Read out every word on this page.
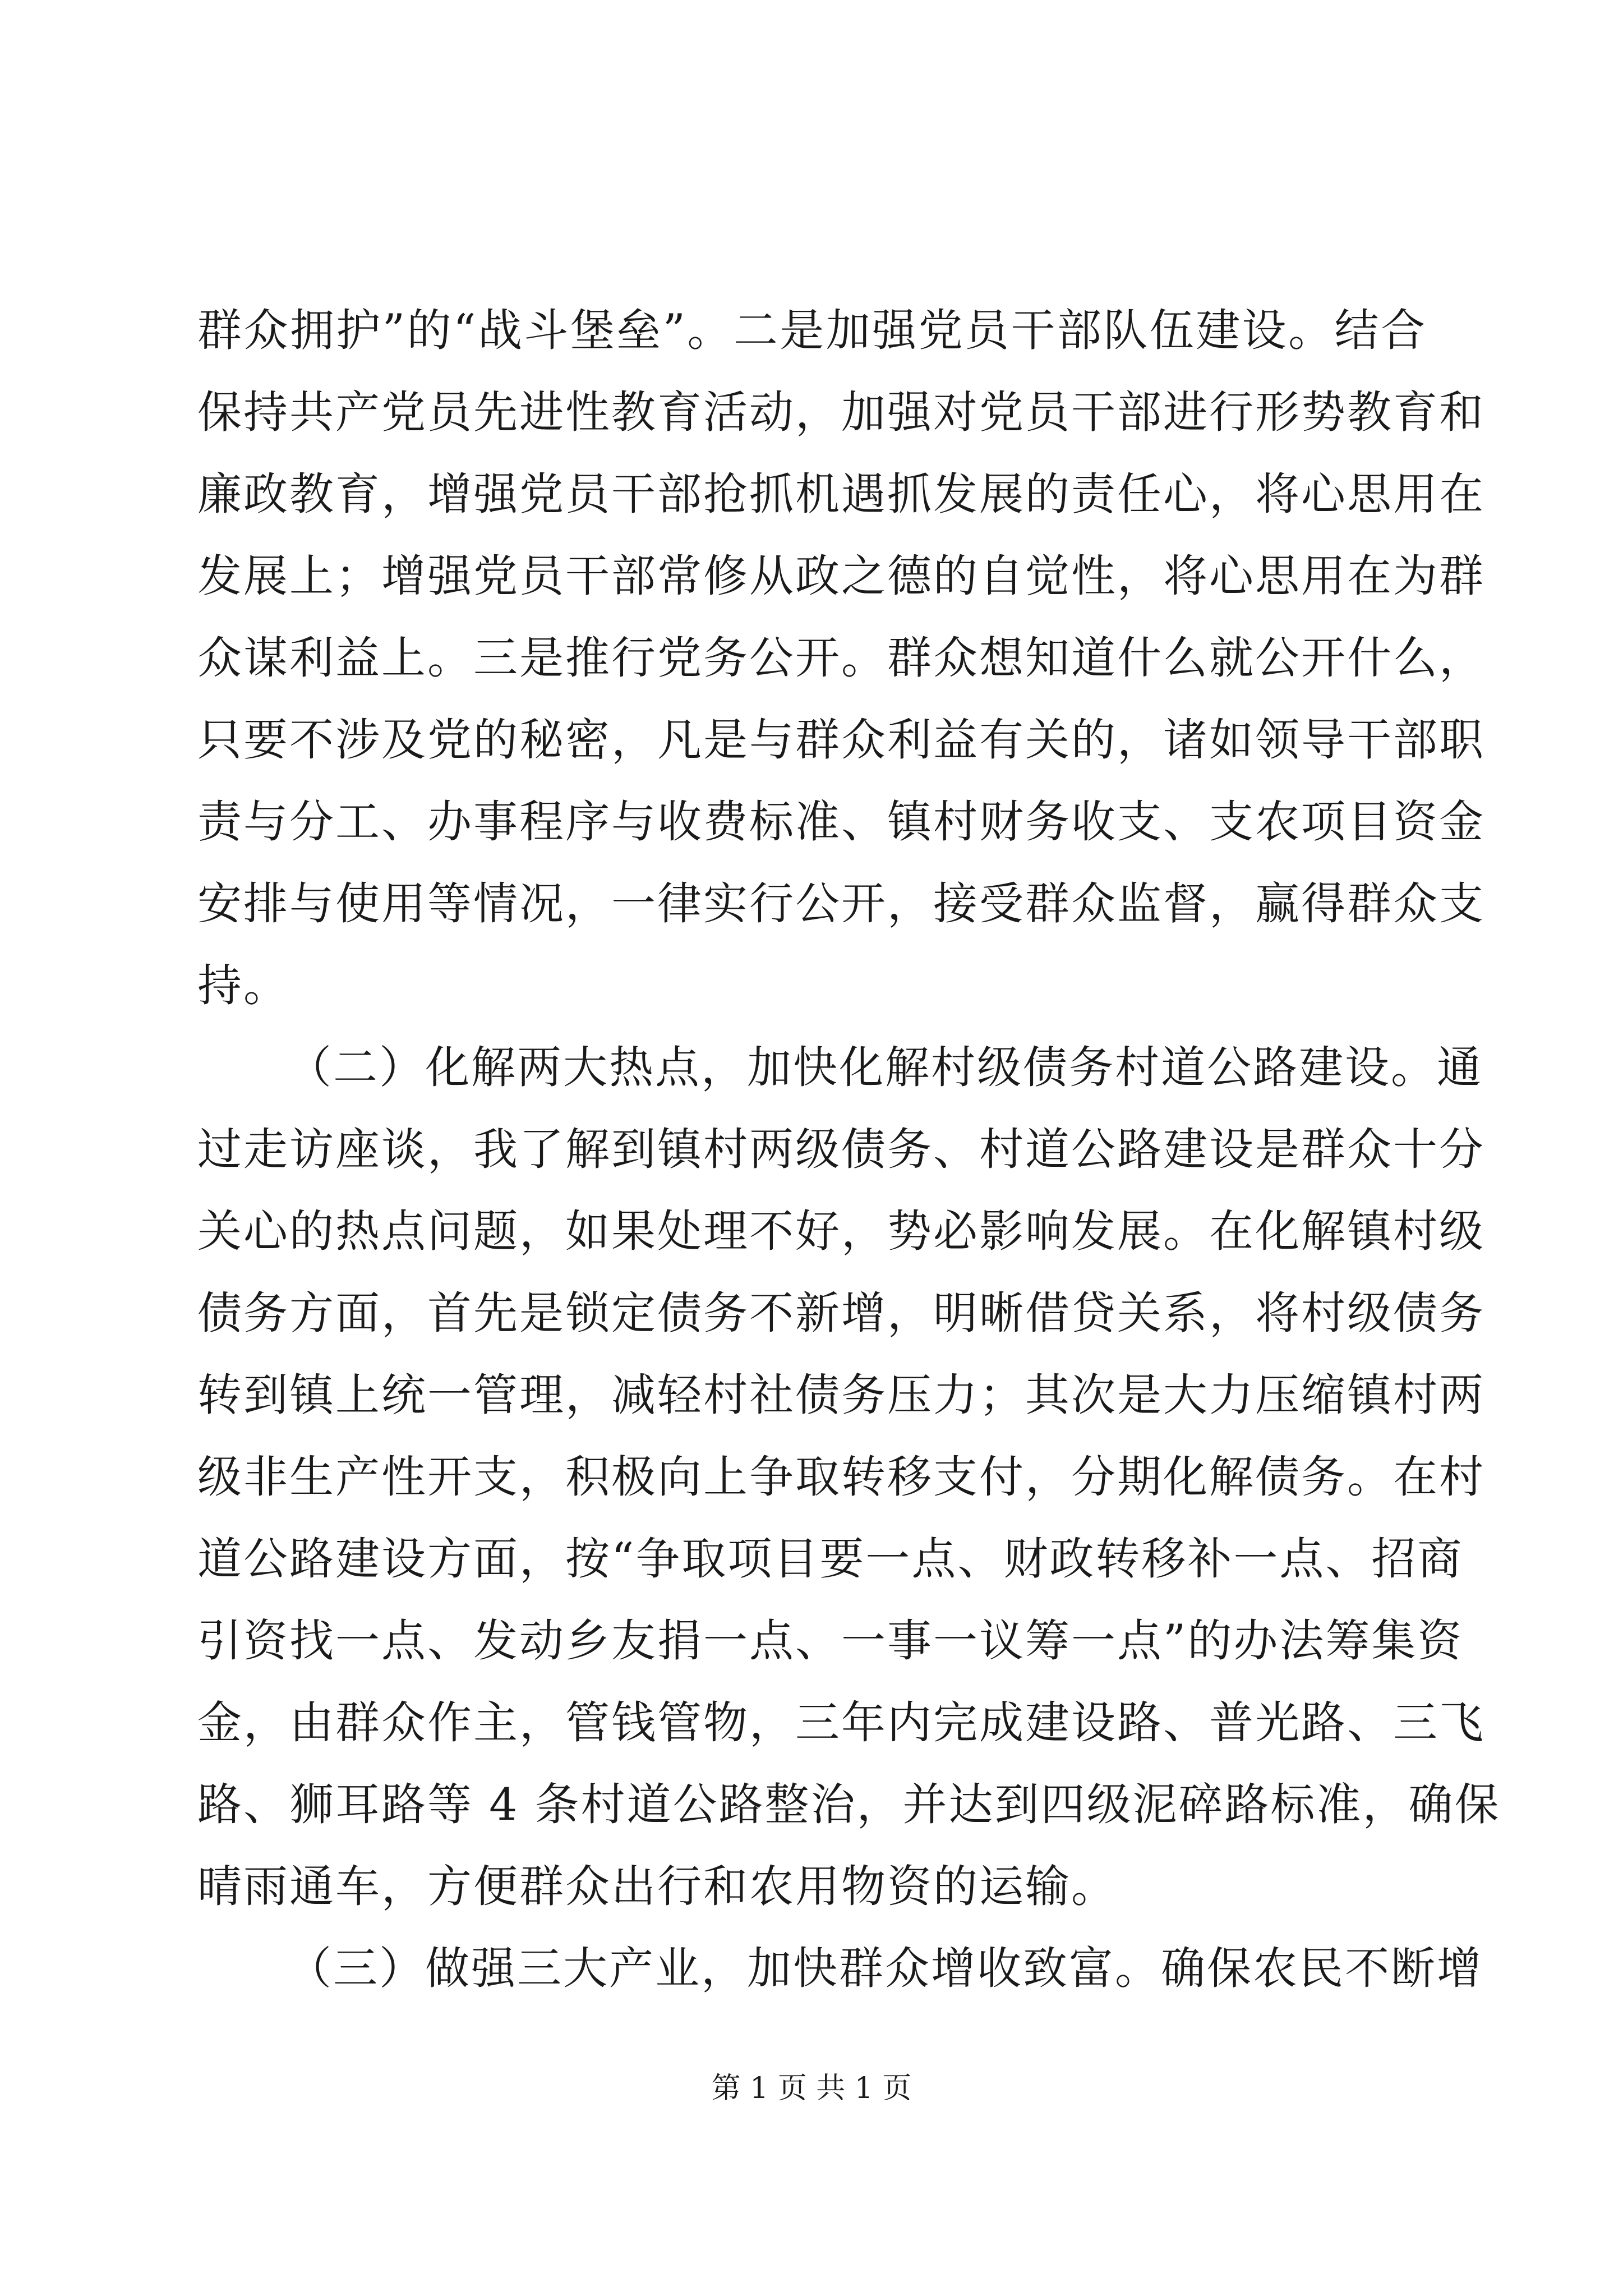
群众拥护”的“战斗堡垒”。二是加强党员干部队伍建设。结合
保持共产党员先进性教育活动，加强对党员干部进行形势教育和
廉政教育，增强党员干部抢抓机遇抓发展的责任心，将心思用在
发展上；增强党员干部常修从政之德的自觉性，将心思用在为群
众谋利益上。三是推行党务公开。群众想知道什么就公开什么，
只要不涉及党的秘密，凡是与群众利益有关的，诸如领导干部职
责与分工、办事程序与收费标准、镇村财务收支、支农项目资金
安排与使用等情况，一律实行公开，接受群众监督，赢得群众支
持。
（二）化解两大热点，加快化解村级债务村道公路建设。通
过走访座谈，我了解到镇村两级债务、村道公路建设是群众十分
关心的热点问题，如果处理不好，势必影响发展。在化解镇村级
债务方面，首先是锁定债务不新增，明晰借贷关系，将村级债务
转到镇上统一管理，减轻村社债务压力；其次是大力压缩镇村两
级非生产性开支，积极向上争取转移支付，分期化解债务。在村
道公路建设方面，按“争取项目要一点、财政转移补一点、招商
引资找一点、发动乡友捐一点、一事一议筹一点”的办法筹集资
金，由群众作主，管钱管物，三年内完成建设路、普光路、三飞
路、狮耳路等 4 条村道公路整治，并达到四级泥碎路标准，确保
晴雨通车，方便群众出行和农用物资的运输。
（三）做强三大产业，加快群众增收致富。确保农民不断增
第 1 页 共 1 页
